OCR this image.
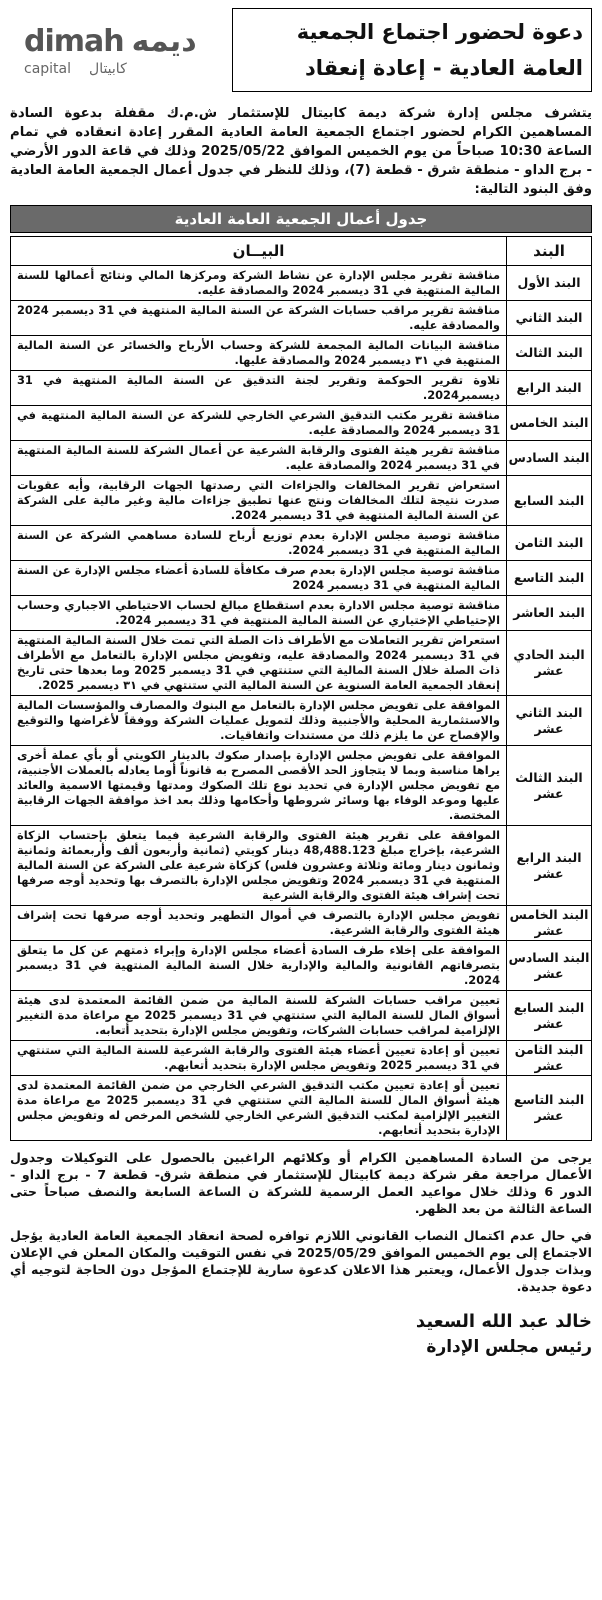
دعوة لحضور اجتماع الجمعية
العامة العادية - إعادة إنعقاد
dimah ديمه
capital كابيتال
يتشرف مجلس إدارة شركة ديمة كابيتال للإستثمار ش.م.ك مقفلة بدعوة السادة المساهمين الكرام لحضور اجتماع الجمعية العامة العادية المقرر إعادة انعقاده في تمام الساعة 10:30 صباحاً من يوم الخميس الموافق 2025/05/22 وذلك في قاعة الدور الأرضي - برج الداو - منطقة شرق - قطعة (7)، وذلك للنظر في جدول أعمال الجمعية العامة العادية وفق البنود التالية:
جدول أعمال الجمعية العامة العادية
البند	البيــان
البند الأول	مناقشة تقرير مجلس الإدارة عن نشاط الشركة ومركزها المالي ونتائج أعمالها للسنة المالية المنتهية في 31 ديسمبر 2024 والمصادقة عليه.
البند الثاني	مناقشة تقرير مراقب حسابات الشركة عن السنة المالية المنتهية في 31 ديسمبر 2024 والمصادقة عليه.
البند الثالث	مناقشة البيانات المالية المجمعة للشركة وحساب الأرباح والخسائر عن السنة المالية المنتهية في ٣١ ديسمبر 2024 والمصادقة عليها.
البند الرابع	تلاوة تقرير الحوكمة وتقرير لجنة التدقيق عن السنة المالية المنتهية في 31 ديسمبر2024.
البند الخامس	مناقشة تقرير مكتب التدقيق الشرعي الخارجي للشركة عن السنة المالية المنتهية في 31 ديسمبر 2024 والمصادقة عليه.
البند السادس	مناقشة تقرير هيئة الفتوى والرقابة الشرعية عن أعمال الشركة للسنة المالية المنتهية في 31 ديسمبر 2024 والمصادقة عليه.
البند السابع	استعراض تقرير المخالفات والجزاءات التي رصدتها الجهات الرقابية، وأيه عقوبات صدرت نتيجة لتلك المخالفات ونتج عنها تطبيق جزاءات مالية وغير مالية على الشركة عن السنة المالية المنتهية في 31 ديسمبر 2024.
البند الثامن	مناقشة توصية مجلس الإدارة بعدم توزيع أرباح للسادة مساهمي الشركة عن السنة المالية المنتهية في 31 ديسمبر 2024.
البند التاسع	مناقشة توصية مجلس الإدارة بعدم صرف مكافأة للسادة أعضاء مجلس الإدارة عن السنة المالية المنتهية في 31 ديسمبر 2024
البند العاشر	مناقشة توصية مجلس الادارة بعدم استقطاع مبالغ لحساب الاحتياطي الاجباري وحساب الإحتياطي الإختياري عن السنة المالية المنتهية في 31 ديسمبر 2024.
البند الحادي عشر	استعراض تقرير التعاملات مع الأطراف ذات الصلة التي تمت خلال السنة المالية المنتهية في 31 ديسمبر 2024 والمصادقة عليه، وتفويض مجلس الإدارة بالتعامل مع الأطراف ذات الصلة خلال السنة المالية التي ستنتهي في 31 ديسمبر 2025 وما بعدها حتى تاريخ إنعقاد الجمعية العامة السنوية عن السنة المالية التي ستنتهي في ٣١ ديسمبر 2025.
البند الثاني عشر	الموافقة على تفويض مجلس الإدارة بالتعامل مع البنوك والمصارف والمؤسسات المالية والاستثمارية المحلية والأجنبية وذلك لتمويل عمليات الشركة ووفقاً لأغراضها والتوقيع والإفصاح عن ما يلزم ذلك من مستندات واتفاقيات.
البند الثالث عشر	الموافقة على تفويض مجلس الإدارة بإصدار صكوك بالدينار الكويتي أو بأي عملة أخرى يراها مناسبة وبما لا يتجاوز الحد الأقصى المصرح به قانوناً أوما يعادله بالعملات الأجنبية، مع تفويض مجلس الإدارة في تحديد نوع تلك الصكوك ومدتها وقيمتها الاسمية والعائد عليها وموعد الوفاء بها وسائر شروطها وأحكامها وذلك بعد اخذ موافقة الجهات الرقابية المختصة.
البند الرابع عشر	الموافقة على تقرير هيئة الفتوى والرقابة الشرعية فيما يتعلق بإحتساب الزكاة الشرعية، بإخراج مبلغ 48,488.123 دينار كويتي (ثمانية وأربعون ألف وأربعمائة وثمانية وثمانون دينار ومائة وثلاثة وعشرون فلس) كزكاة شرعية على الشركة عن السنة المالية المنتهية في 31 ديسمبر 2024 وتفويض مجلس الإدارة بالتصرف بها وتحديد أوجه صرفها تحت إشراف هيئة الفتوى والرقابة الشرعية
البند الخامس عشر	تفويض مجلس الإدارة بالتصرف في أموال التطهير وتحديد أوجه صرفها تحت إشراف هيئة الفتوى والرقابة الشرعية.
البند السادس عشر	الموافقة على إخلاء طرف السادة أعضاء مجلس الإدارة وإبراء ذمتهم عن كل ما يتعلق بتصرفاتهم القانونية والمالية والإدارية خلال السنة المالية المنتهية في 31 ديسمبر 2024.
البند السابع عشر	تعيين مراقب حسابات الشركة للسنة المالية من ضمن القائمة المعتمدة لدى هيئة أسواق المال للسنة المالية التي ستنتهي في 31 ديسمبر 2025 مع مراعاة مدة التغيير الإلزامية لمراقب حسابات الشركات، وتفويض مجلس الإدارة بتحديد أتعابه.
البند الثامن عشر	تعيين أو إعادة تعيين أعضاء هيئة الفتوى والرقابة الشرعية للسنة المالية التي ستنتهي في 31 ديسمبر 2025 وتفويض مجلس الإدارة بتحديد أتعابهم.
البند التاسع عشر	تعيين أو إعادة تعيين مكتب التدقيق الشرعي الخارجي من ضمن القائمة المعتمدة لدى هيئة أسواق المال للسنة المالية التي ستنتهي في 31 ديسمبر 2025 مع مراعاة مدة التغيير الإلزامية لمكتب التدقيق الشرعي الخارجي للشخص المرخص له وتفويض مجلس الإدارة بتحديد أتعابهم.

يرجى من السادة المساهمين الكرام أو وكلائهم الراغبين بالحصول على التوكيلات وجدول الأعمال مراجعة مقر شركة ديمة كابيتال للإستثمار في منطقة شرق- قطعة 7 - برج الداو - الدور 6 وذلك خلال مواعيد العمل الرسمية للشركة ن الساعة السابعة والنصف صباحاً حتى الساعة الثالثة من بعد الظهر.

في حال عدم اكتمال النصاب القانوني اللازم توافره لصحة انعقاد الجمعية العامة العادية يؤجل الاجتماع إلى يوم الخميس الموافق 2025/05/29 في نفس التوقيت والمكان المعلن في الإعلان وبذات جدول الأعمال، ويعتبر هذا الاعلان كدعوة سارية للإجتماع المؤجل دون الحاجة لتوجيه أي دعوة جديدة.

خالد عبد الله السعيد
رئيس مجلس الإدارة
